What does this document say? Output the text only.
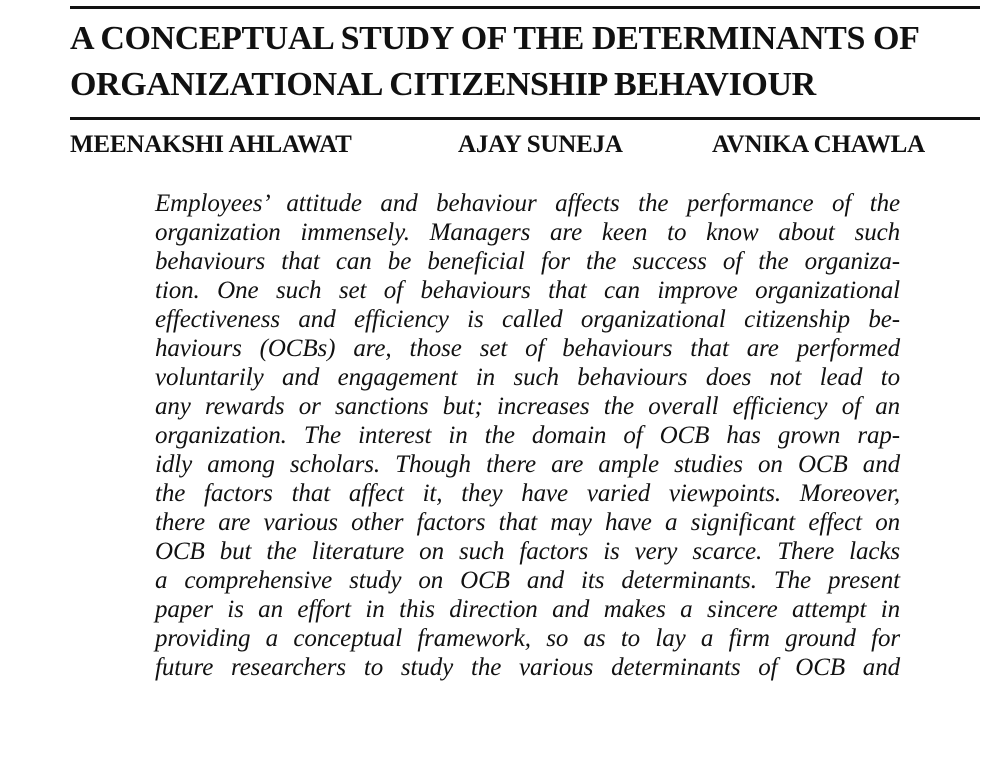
A CONCEPTUAL STUDY OF THE DETERMINANTS OF
ORGANIZATIONAL CITIZENSHIP BEHAVIOUR
MEENAKSHI AHLAWAT	AJAY SUNEJA	AVNIKA CHAWLA
Employees’ attitude and behaviour affects the performance of the
organization immensely. Managers are keen to know about such
behaviours that can be beneficial for the success of the organiza-
tion. One such set of behaviours that can improve organizational
effectiveness and efficiency is called organizational citizenship be-
haviours (OCBs) are, those set of behaviours that are performed
voluntarily and engagement in such behaviours does not lead to
any rewards or sanctions but; increases the overall efficiency of an
organization. The interest in the domain of OCB has grown rap-
idly among scholars. Though there are ample studies on OCB and
the factors that affect it, they have varied viewpoints. Moreover,
there are various other factors that may have a significant effect on
OCB but the literature on such factors is very scarce. There lacks
a comprehensive study on OCB and its determinants. The present
paper is an effort in this direction and makes a sincere attempt in
providing a conceptual framework, so as to lay a firm ground for
future researchers to study the various determinants of OCB and
